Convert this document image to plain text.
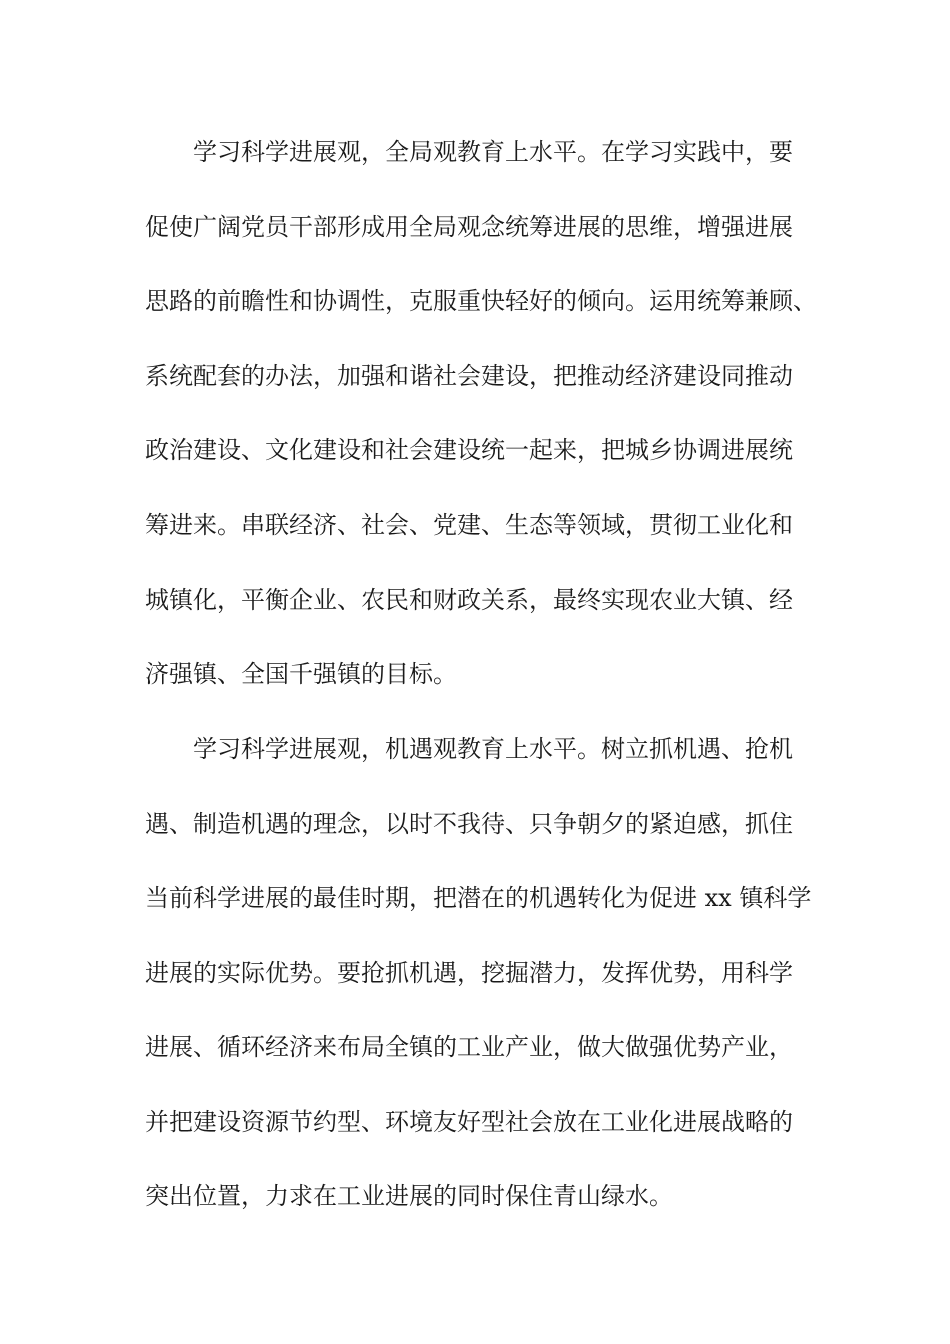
学习科学进展观，全局观教育上水平。在学习实践中，要
促使广阔党员干部形成用全局观念统筹进展的思维，增强进展
思路的前瞻性和协调性，克服重快轻好的倾向。运用统筹兼顾、
系统配套的办法，加强和谐社会建设，把推动经济建设同推动
政治建设、文化建设和社会建设统一起来，把城乡协调进展统
筹进来。串联经济、社会、党建、生态等领域，贯彻工业化和
城镇化，平衡企业、农民和财政关系，最终实现农业大镇、经
济强镇、全国千强镇的目标。
学习科学进展观，机遇观教育上水平。树立抓机遇、抢机
遇、制造机遇的理念，以时不我待、只争朝夕的紧迫感，抓住
当前科学进展的最佳时期，把潜在的机遇转化为促进 xx 镇科学
进展的实际优势。要抢抓机遇，挖掘潜力，发挥优势，用科学
进展、循环经济来布局全镇的工业产业，做大做强优势产业，
并把建设资源节约型、环境友好型社会放在工业化进展战略的
突出位置，力求在工业进展的同时保住青山绿水。
